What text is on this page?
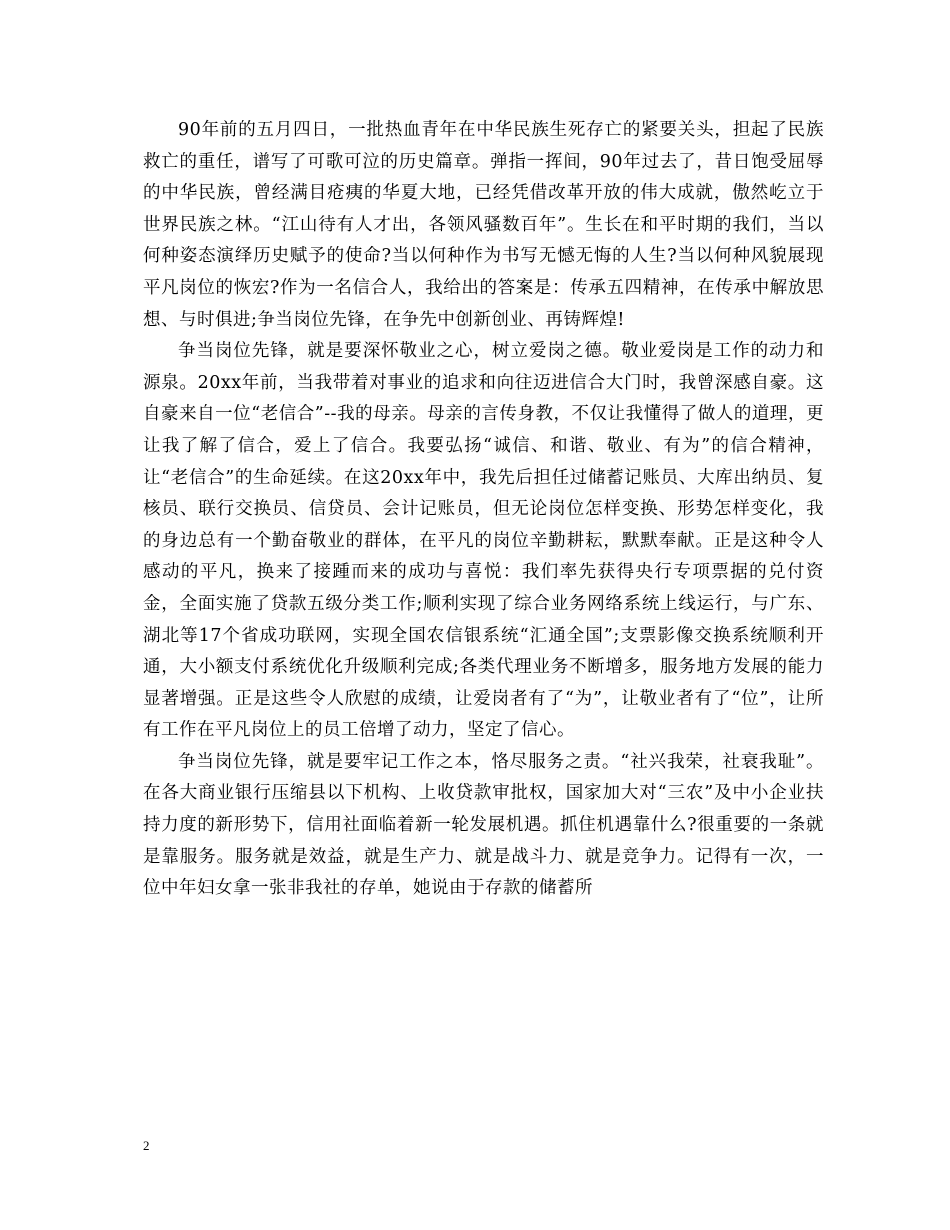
90年前的五月四日，一批热血青年在中华民族生死存亡的紧要关头，担起了民族救亡的重任，谱写了可歌可泣的历史篇章。弹指一挥间，90年过去了，昔日饱受屈辱的中华民族，曾经满目疮痍的华夏大地，已经凭借改革开放的伟大成就，傲然屹立于世界民族之林。“江山待有人才出，各领风骚数百年”。生长在和平时期的我们，当以何种姿态演绎历史赋予的使命?当以何种作为书写无憾无悔的人生?当以何种风貌展现平凡岗位的恢宏?作为一名信合人，我给出的答案是：传承五四精神，在传承中解放思想、与时俱进;争当岗位先锋，在争先中创新创业、再铸辉煌!

争当岗位先锋，就是要深怀敬业之心，树立爱岗之德。敬业爱岗是工作的动力和源泉。20xx年前，当我带着对事业的追求和向往迈进信合大门时，我曾深感自豪。这自豪来自一位“老信合”--我的母亲。母亲的言传身教，不仅让我懂得了做人的道理，更让我了解了信合，爱上了信合。我要弘扬“诚信、和谐、敬业、有为”的信合精神，让“老信合”的生命延续。在这20xx年中，我先后担任过储蓄记账员、大库出纳员、复核员、联行交换员、信贷员、会计记账员，但无论岗位怎样变换、形势怎样变化，我的身边总有一个勤奋敬业的群体，在平凡的岗位辛勤耕耘，默默奉献。正是这种令人感动的平凡，换来了接踵而来的成功与喜悦：我们率先获得央行专项票据的兑付资金，全面实施了贷款五级分类工作;顺利实现了综合业务网络系统上线运行，与广东、湖北等17个省成功联网，实现全国农信银系统“汇通全国”;支票影像交换系统顺利开通，大小额支付系统优化升级顺利完成;各类代理业务不断增多，服务地方发展的能力显著增强。正是这些令人欣慰的成绩，让爱岗者有了“为”，让敬业者有了“位”，让所有工作在平凡岗位上的员工倍增了动力，坚定了信心。

争当岗位先锋，就是要牢记工作之本，恪尽服务之责。“社兴我荣，社衰我耻”。在各大商业银行压缩县以下机构、上收贷款审批权，国家加大对“三农”及中小企业扶持力度的新形势下，信用社面临着新一轮发展机遇。抓住机遇靠什么?很重要的一条就是靠服务。服务就是效益，就是生产力、就是战斗力、就是竞争力。记得有一次，一位中年妇女拿一张非我社的存单，她说由于存款的储蓄所

2
